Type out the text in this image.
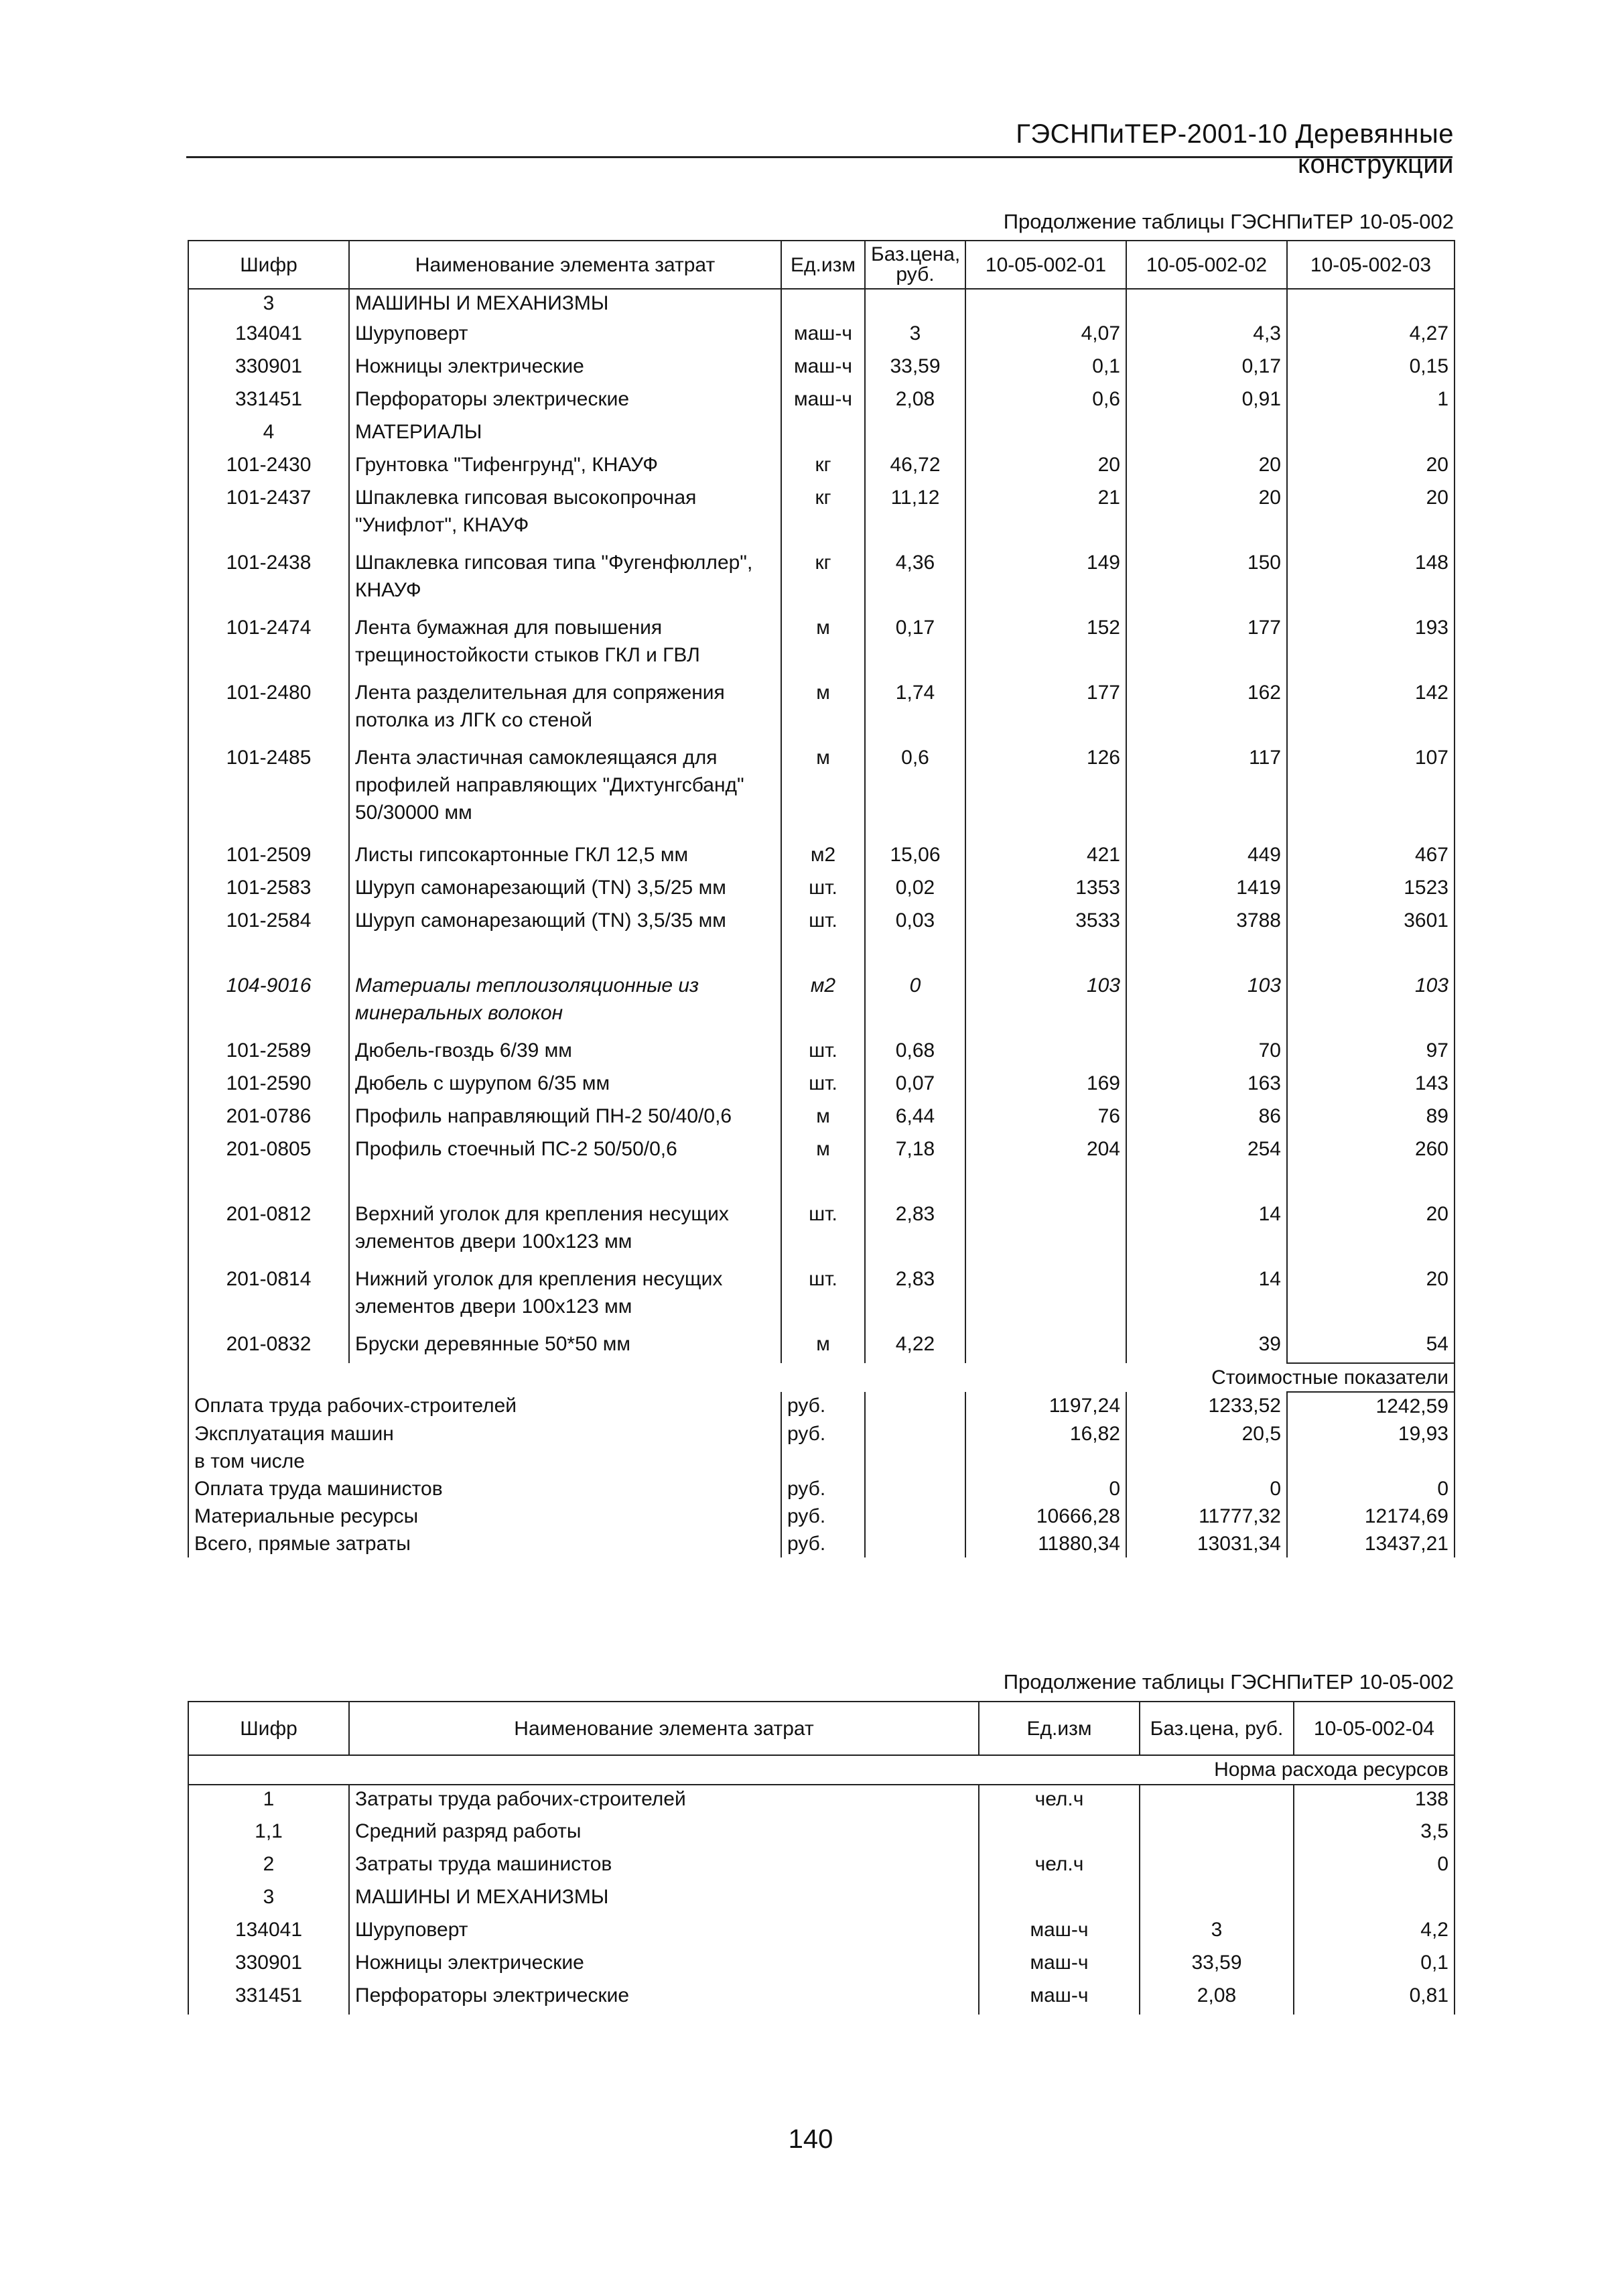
ГЭСНПиТЕР-2001-10 Деревянные конструкции
Продолжение таблицы ГЭСНПиТЕР 10-05-002
Шифр	Наименование элемента затрат	Ед.изм	Баз.цена, руб.	10-05-002-01	10-05-002-02	10-05-002-03
3	МАШИНЫ И МЕХАНИЗМЫ					
134041	Шуруповерт	маш-ч	3	4,07	4,3	4,27
330901	Ножницы электрические	маш-ч	33,59	0,1	0,17	0,15
331451	Перфораторы электрические	маш-ч	2,08	0,6	0,91	1
4	МАТЕРИАЛЫ					
101-2430	Грунтовка "Тифенгрунд", КНАУФ	кг	46,72	20	20	20
101-2437	Шпаклевка гипсовая высокопрочная "Унифлот", КНАУФ	кг	11,12	21	20	20
101-2438	Шпаклевка гипсовая типа "Фугенфюллер", КНАУФ	кг	4,36	149	150	148
101-2474	Лента бумажная для повышения трещиностойкости стыков ГКЛ и ГВЛ	м	0,17	152	177	193
101-2480	Лента разделительная для сопряжения потолка из ЛГК со стеной	м	1,74	177	162	142
101-2485	Лента эластичная самоклеящаяся для профилей направляющих "Дихтунгсбанд" 50/30000 мм	м	0,6	126	117	107
101-2509	Листы гипсокартонные ГКЛ 12,5 мм	м2	15,06	421	449	467
101-2583	Шуруп самонарезающий (TN) 3,5/25 мм	шт.	0,02	1353	1419	1523
101-2584	Шуруп самонарезающий (TN) 3,5/35 мм	шт.	0,03	3533	3788	3601
104-9016	Материалы теплоизоляционные из минеральных волокон	м2	0	103	103	103
101-2589	Дюбель-гвоздь 6/39 мм	шт.	0,68		70	97
101-2590	Дюбель с шурупом 6/35 мм	шт.	0,07	169	163	143
201-0786	Профиль направляющий ПН-2 50/40/0,6	м	6,44	76	86	89
201-0805	Профиль стоечный ПС-2 50/50/0,6	м	7,18	204	254	260
201-0812	Верхний уголок для крепления несущих элементов двери 100х123 мм	шт.	2,83		14	20
201-0814	Нижний уголок для крепления несущих элементов двери 100х123 мм	шт.	2,83		14	20
201-0832	Бруски деревянные 50*50 мм	м	4,22		39	54
						Стоимостные показатели
Оплата труда рабочих-строителей		руб.		1197,24	1233,52	1242,59
Эксплуатация машин		руб.		16,82	20,5	19,93
в том числе						
Оплата труда машинистов		руб.		0	0	0
Материальные ресурсы		руб.		10666,28	11777,32	12174,69
Всего, прямые затраты		руб.		11880,34	13031,34	13437,21
Продолжение таблицы ГЭСНПиТЕР 10-05-002
Шифр	Наименование элемента затрат	Ед.изм	Баз.цена, руб.	10-05-002-04
				Норма расхода ресурсов
1	Затраты труда рабочих-строителей	чел.ч		138
1,1	Средний разряд работы			3,5
2	Затраты труда машинистов	чел.ч		0
3	МАШИНЫ И МЕХАНИЗМЫ			
134041	Шуруповерт	маш-ч	3	4,2
330901	Ножницы электрические	маш-ч	33,59	0,1
331451	Перфораторы электрические	маш-ч	2,08	0,81
140
